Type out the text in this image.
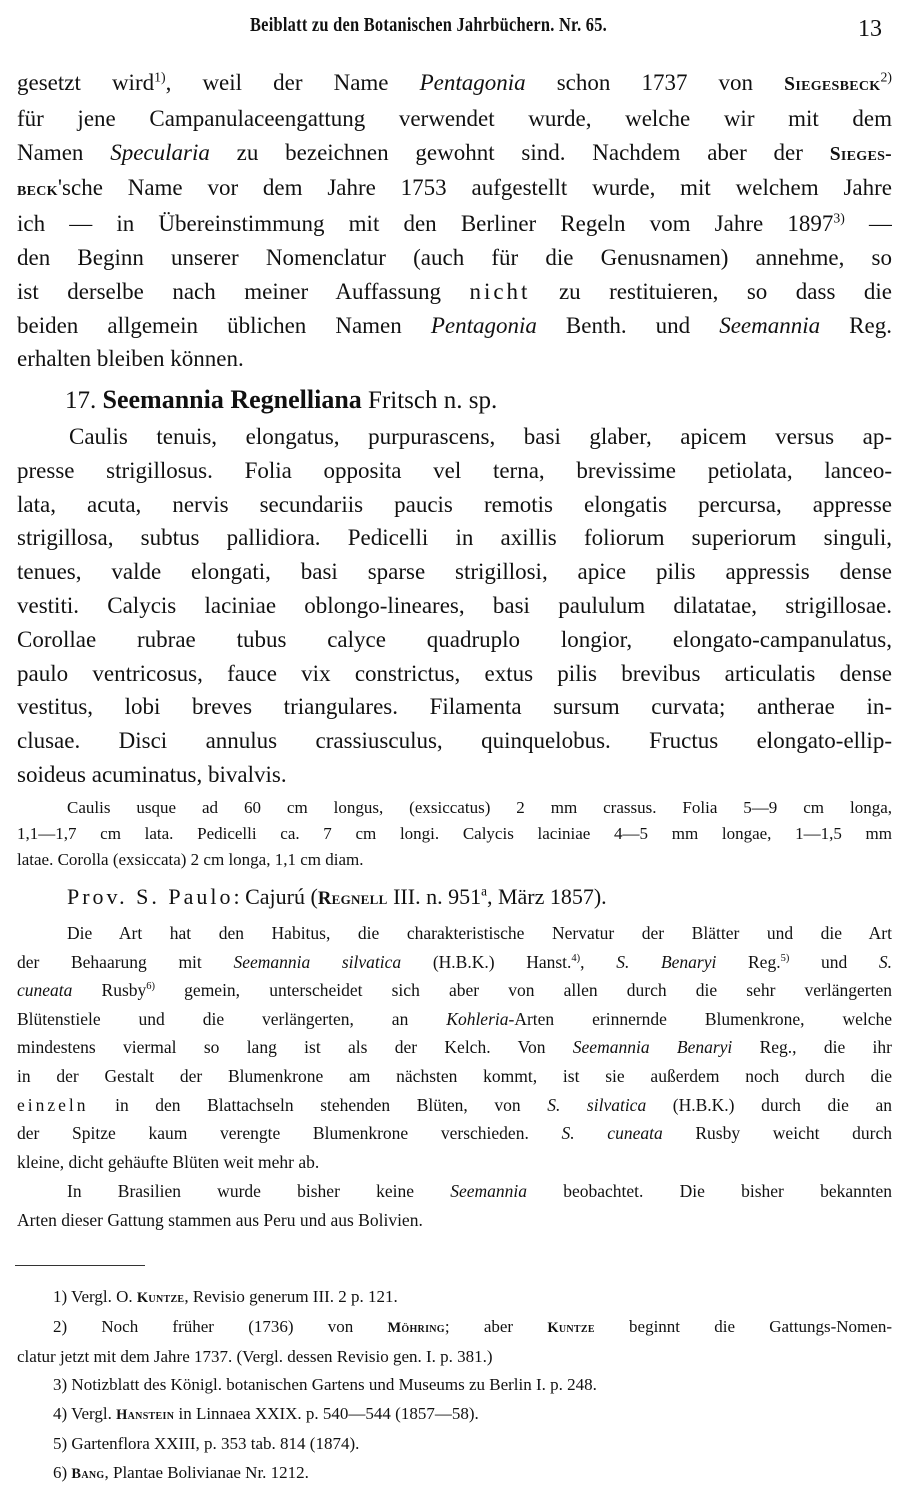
Beiblatt zu den Botanischen Jahrbüchern. Nr. 65.	13
gesetzt wird$^{1)}$, weil der Name Pentagonia schon 1737 von Siegesbeck$^{2)}$
für jene Campanulaceengattung verwendet wurde, welche wir mit dem
Namen Specularia zu bezeichnen gewohnt sind. Nachdem aber der Sieges-
beck'sche Name vor dem Jahre 1753 aufgestellt wurde, mit welchem Jahre
ich — in Übereinstimmung mit den Berliner Regeln vom Jahre 1897$^{3)}$ —
den Beginn unserer Nomenclatur (auch für die Genusnamen) annehme, so
ist derselbe nach meiner Auffassung nicht zu restituieren, so dass die
beiden allgemein üblichen Namen Pentagonia Benth. und Seemannia Reg.
erhalten bleiben können.
17. Seemannia Regnelliana Fritsch n. sp.
Caulis tenuis, elongatus, purpurascens, basi glaber, apicem versus ap-
presse strigillosus. Folia opposita vel terna, brevissime petiolata, lanceo-
lata, acuta, nervis secundariis paucis remotis elongatis percursa, appresse
strigillosa, subtus pallidiora. Pedicelli in axillis foliorum superiorum singuli,
tenues, valde elongati, basi sparse strigillosi, apice pilis appressis dense
vestiti. Calycis laciniae oblongo-lineares, basi paululum dilatatae, strigillosae.
Corollae rubrae tubus calyce quadruplo longior, elongato-campanulatus,
paulo ventricosus, fauce vix constrictus, extus pilis brevibus articulatis dense
vestitus, lobi breves triangulares. Filamenta sursum curvata; antherae in-
clusae. Disci annulus crassiusculus, quinquelobus. Fructus elongato-ellip-
soideus acuminatus, bivalvis.
Caulis usque ad 60 cm longus, (exsiccatus) 2 mm crassus. Folia 5—9 cm longa,
1,1—1,7 cm lata. Pedicelli ca. 7 cm longi. Calycis laciniae 4—5 mm longae, 1—1,5 mm
latae. Corolla (exsiccata) 2 cm longa, 1,1 cm diam.
Prov. S. Paulo: Cajurú (Regnell III. n. 951$^a$, März 1857).
Die Art hat den Habitus, die charakteristische Nervatur der Blätter und die Art
der Behaarung mit Seemannia silvatica (H.B.K.) Hanst.$^{4)}$, S. Benaryi Reg.$^{5)}$ und S.
cuneata Rusby$^{6)}$ gemein, unterscheidet sich aber von allen durch die sehr verlängerten
Blütenstiele und die verlängerten, an Kohleria-Arten erinnernde Blumenkrone, welche
mindestens viermal so lang ist als der Kelch. Von Seemannia Benaryi Reg., die ihr
in der Gestalt der Blumenkrone am nächsten kommt, ist sie außerdem noch durch die
einzeln in den Blattachseln stehenden Blüten, von S. silvatica (H.B.K.) durch die an
der Spitze kaum verengte Blumenkrone verschieden. S. cuneata Rusby weicht durch
kleine, dicht gehäufte Blüten weit mehr ab.
In Brasilien wurde bisher keine Seemannia beobachtet. Die bisher bekannten
Arten dieser Gattung stammen aus Peru und aus Bolivien.
1) Vergl. O. Kuntze, Revisio generum III. 2 p. 121.
2) Noch früher (1736) von Möhring; aber Kuntze beginnt die Gattungs-Nomen-
clatur jetzt mit dem Jahre 1737. (Vergl. dessen Revisio gen. I. p. 381.)
3) Notizblatt des Königl. botanischen Gartens und Museums zu Berlin I. p. 248.
4) Vergl. Hanstein in Linnaea XXIX. p. 540—544 (1857—58).
5) Gartenflora XXIII, p. 353 tab. 814 (1874).
6) Bang, Plantae Bolivianae Nr. 1212.
